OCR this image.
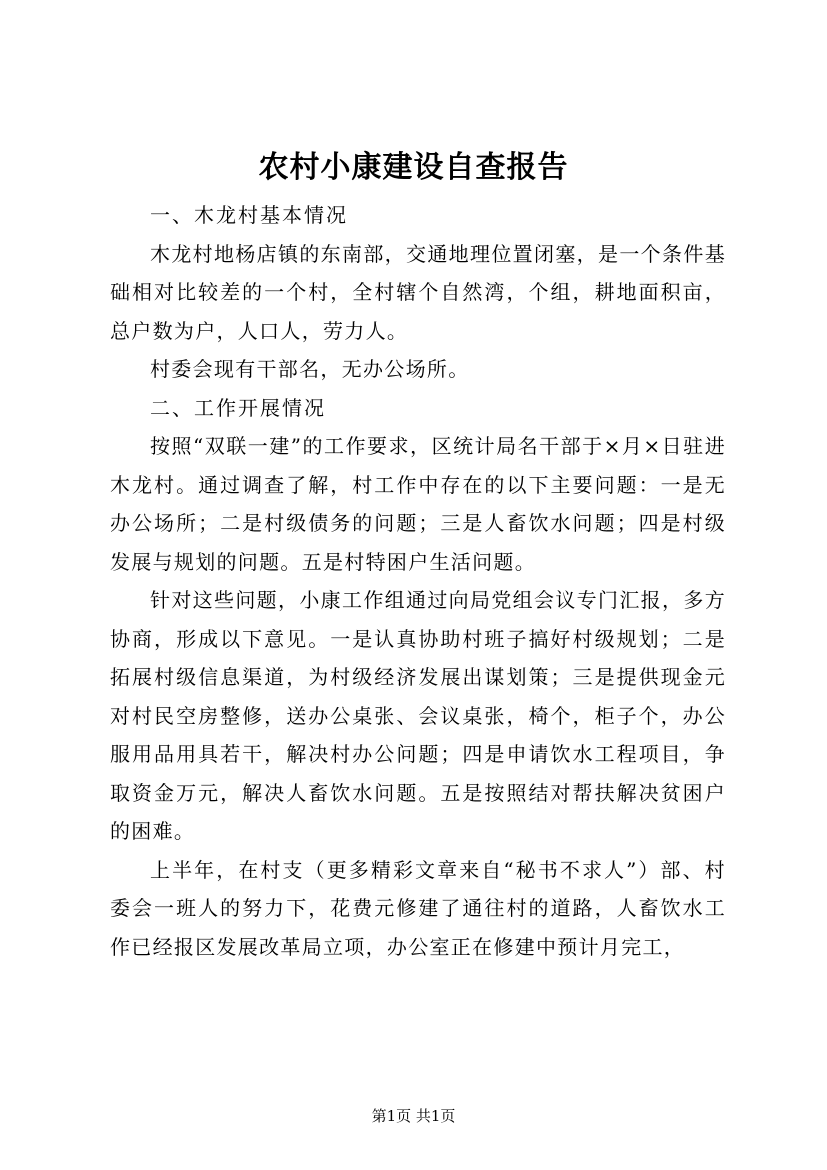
农村小康建设自查报告

一、木龙村基本情况

木龙村地杨店镇的东南部，交通地理位置闭塞，是一个条件基础相对比较差的一个村，全村辖个自然湾，个组，耕地面积亩，总户数为户，人口人，劳力人。

村委会现有干部名，无办公场所。

二、工作开展情况

按照“双联一建”的工作要求，区统计局名干部于×月×日驻进木龙村。通过调查了解，村工作中存在的以下主要问题：一是无办公场所；二是村级债务的问题；三是人畜饮水问题；四是村级发展与规划的问题。五是村特困户生活问题。

针对这些问题，小康工作组通过向局党组会议专门汇报，多方协商，形成以下意见。一是认真协助村班子搞好村级规划；二是拓展村级信息渠道，为村级经济发展出谋划策；三是提供现金元对村民空房整修，送办公桌张、会议桌张，椅个，柜子个，办公服用品用具若干，解决村办公问题；四是申请饮水工程项目，争取资金万元，解决人畜饮水问题。五是按照结对帮扶解决贫困户的困难。

上半年，在村支（更多精彩文章来自“秘书不求人”）部、村委会一班人的努力下，花费元修建了通往村的道路，人畜饮水工作已经报区发展改革局立项，办公室正在修建中预计月完工，

第1页 共1页
